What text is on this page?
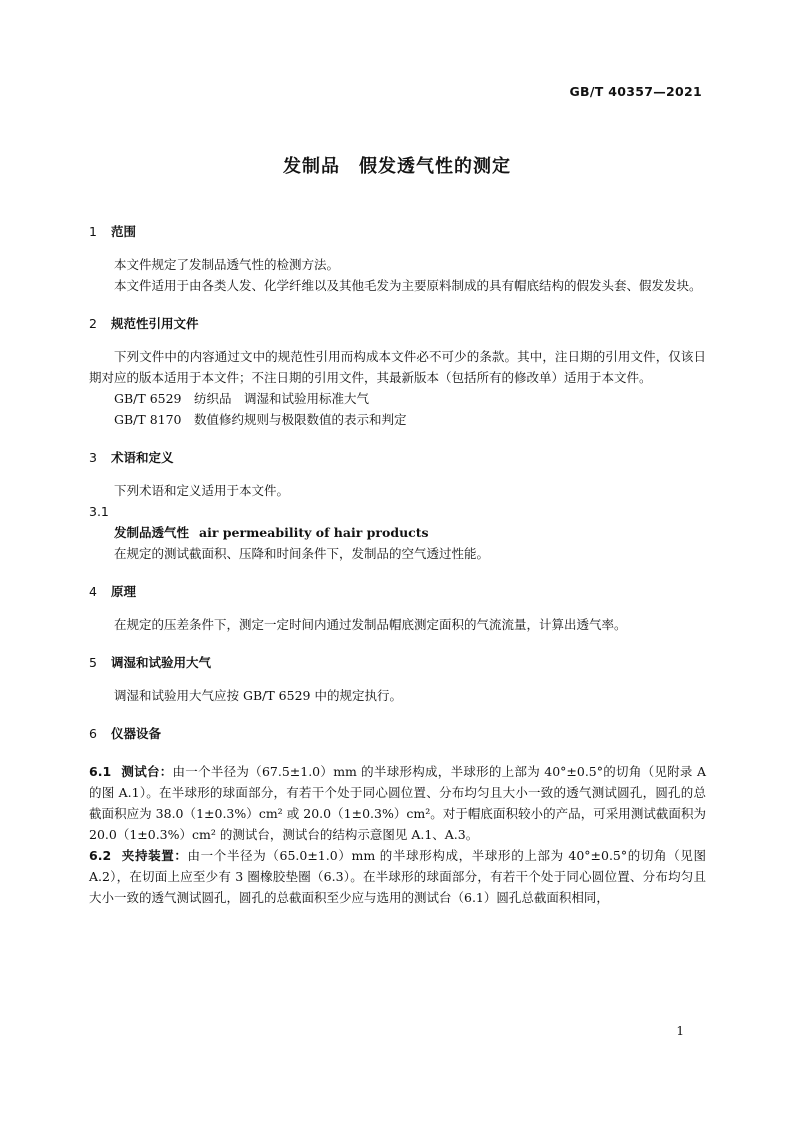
GB/T 40357—2021
发制品　假发透气性的测定
1 范围

本文件规定了发制品透气性的检测方法。

本文件适用于由各类人发、化学纤维以及其他毛发为主要原料制成的具有帽底结构的假发头套、假发发块。

2 规范性引用文件

下列文件中的内容通过文中的规范性引用而构成本文件必不可少的条款。其中，注日期的引用文件，仅该日期对应的版本适用于本文件；不注日期的引用文件，其最新版本（包括所有的修改单）适用于本文件。

GB/T 6529　纺织品　调湿和试验用标准大气

GB/T 8170　数值修约规则与极限数值的表示和判定

3 术语和定义

下列术语和定义适用于本文件。

3.1

发制品透气性 air permeability of hair products

在规定的测试截面积、压降和时间条件下，发制品的空气透过性能。

4 原理

在规定的压差条件下，测定一定时间内通过发制品帽底测定面积的气流流量，计算出透气率。

5 调湿和试验用大气

调湿和试验用大气应按 GB/T 6529 中的规定执行。

6 仪器设备

6.1 测试台：由一个半径为（67.5±1.0）mm 的半球形构成，半球形的上部为 40°±0.5°的切角（见附录 A 的图 A.1）。在半球形的球面部分，有若干个处于同心圆位置、分布均匀且大小一致的透气测试圆孔，圆孔的总截面积应为 38.0（1±0.3%）cm² 或 20.0（1±0.3%）cm²。对于帽底面积较小的产品，可采用测试截面积为 20.0（1±0.3%）cm² 的测试台，测试台的结构示意图见 A.1、A.3。

6.2 夹持装置：由一个半径为（65.0±1.0）mm 的半球形构成，半球形的上部为 40°±0.5°的切角（见图 A.2），在切面上应至少有 3 圈橡胶垫圈（6.3）。在半球形的球面部分，有若干个处于同心圆位置、分布均匀且大小一致的透气测试圆孔，圆孔的总截面积至少应与选用的测试台（6.1）圆孔总截面积相同，

1
